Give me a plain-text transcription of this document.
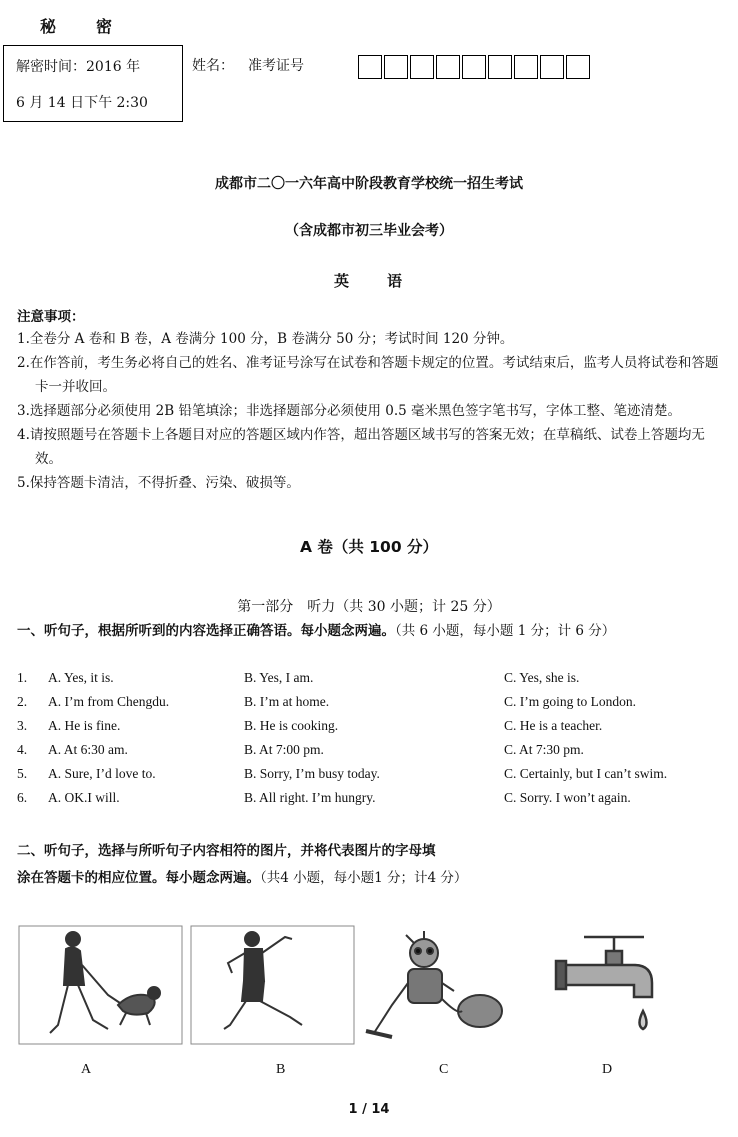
秘 密
解密时间：2016 年
6 月 14 日下午 2:30
姓名： 准考证号
成都市二〇一六年高中阶段教育学校统一招生考试
（含成都市初三毕业会考）
英 语
注意事项：
1.全卷分 A 卷和 B 卷，A 卷满分 100 分，B 卷满分 50 分；考试时间 120 分钟。
2.在作答前，考生务必将自己的姓名、准考证号涂写在试卷和答题卡规定的位置。考试结束后，监考人员将试卷和答题卡一并收回。
3.选择题部分必须使用 2B 铅笔填涂；非选择题部分必须使用 0.5 毫米黑色签字笔书写，字体工整、笔迹清楚。
4.请按照题号在答题卡上各题目对应的答题区域内作答，超出答题区域书写的答案无效；在草稿纸、试卷上答题均无效。
5.保持答题卡清洁，不得折叠、污染、破损等。
A 卷（共 100 分）
第一部分　听力（共 30 小题；计 25 分）
一、听句子，根据所听到的内容选择正确答语。每小题念两遍。（共 6 小题，每小题 1 分；计 6 分）
1. A. Yes, it is.	B. Yes, I am.	C. Yes, she is.
2. A. I’m from Chengdu.	B. I’m at home.	C. I’m going to London.
3. A. He is fine.	B. He is cooking.	C. He is a teacher.
4. A. At 6:30 am.	B. At 7:00 pm.	C. At 7:30 pm.
5. A. Sure, I’d love to.	B. Sorry, I’m busy today.	C. Certainly, but I can’t swim.
6. A. OK.I will.	B. All right. I’m hungry.	C. Sorry. I won’t again.
二、听句子，选择与所听句子内容相符的图片，并将代表图片的字母填
涂在答题卡的相应位置。每小题念两遍。（共4 小题，每小题1 分；计4 分）
A	B	C	D
1 / 14
